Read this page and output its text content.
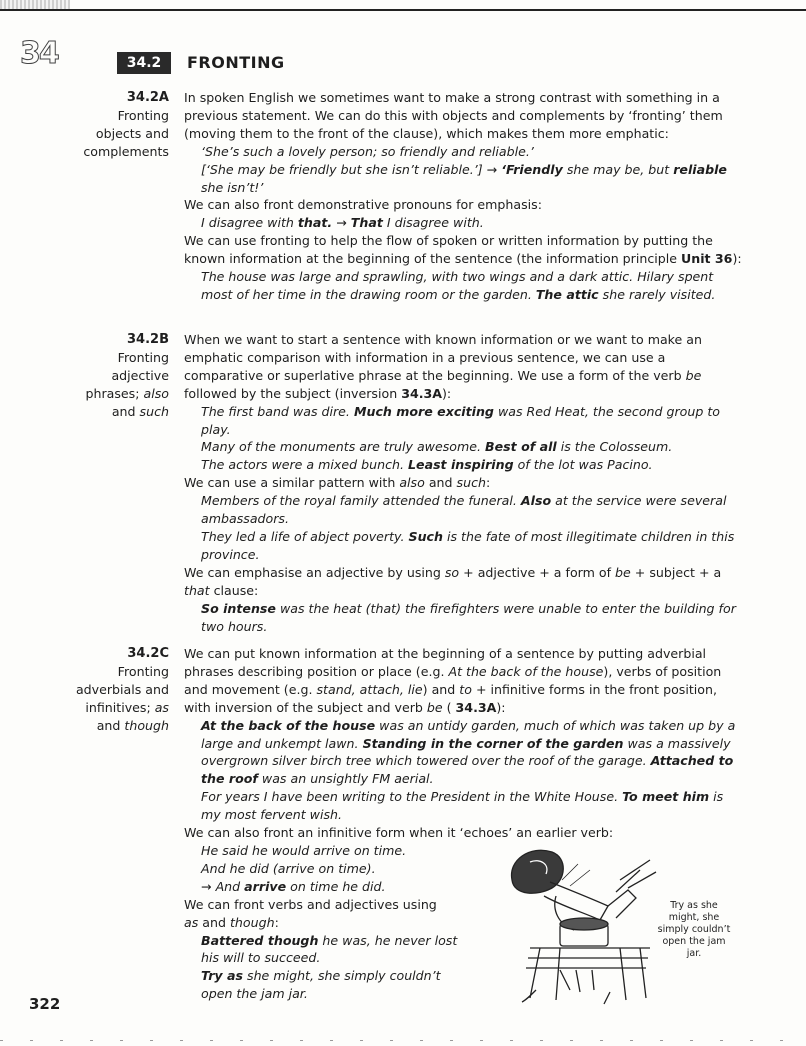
34	34.2	FRONTING
34.2A
Fronting
objects and
complements
34.2B
Fronting
adjective
phrases; also
and such
34.2C
Fronting
adverbials and
infinitives; as
and though

In spoken English we sometimes want to make a strong contrast with something in a previous statement. We can do this with objects and complements by ‘fronting’ them (moving them to the front of the clause), which makes them more emphatic:

‘She’s such a lovely person; so friendly and reliable.’

[‘She may be friendly but she isn’t reliable.’] → ‘Friendly she may be, but reliable she isn’t!’

We can also front demonstrative pronouns for emphasis:

I disagree with that. → That I disagree with.

We can use fronting to help the flow of spoken or written information by putting the known information at the beginning of the sentence (the information principle Unit 36):

The house was large and sprawling, with two wings and a dark attic. Hilary spent most of her time in the drawing room or the garden. The attic she rarely visited.

When we want to start a sentence with known information or we want to make an emphatic comparison with information in a previous sentence, we can use a comparative or superlative phrase at the beginning. We use a form of the verb be followed by the subject (inversion 34.3A):

The first band was dire. Much more exciting was Red Heat, the second group to play.

Many of the monuments are truly awesome. Best of all is the Colosseum.

The actors were a mixed bunch. Least inspiring of the lot was Pacino.

We can use a similar pattern with also and such:

Members of the royal family attended the funeral. Also at the service were several ambassadors.

They led a life of abject poverty. Such is the fate of most illegitimate children in this province.

We can emphasise an adjective by using so + adjective + a form of be + subject + a that clause:

So intense was the heat (that) the firefighters were unable to enter the building for two hours.

We can put known information at the beginning of a sentence by putting adverbial phrases describing position or place (e.g. At the back of the house), verbs of position and movement (e.g. stand, attach, lie) and to + infinitive forms in the front position, with inversion of the subject and verb be ( 34.3A):

At the back of the house was an untidy garden, much of which was taken up by a large and unkempt lawn. Standing in the corner of the garden was a massively overgrown silver birch tree which towered over the roof of the garage. Attached to the roof was an unsightly FM aerial.

For years I have been writing to the President in the White House. To meet him is my most fervent wish.

We can also front an infinitive form when it ‘echoes’ an earlier verb:

He said he would arrive on time.

And he did (arrive on time).

→ And arrive on time he did.

We can front verbs and adjectives using

as and though:

Battered though he was, he never lost

his will to succeed.

Try as she might, she simply couldn’t

open the jam jar.

Try as she might, she simply couldn’t open the jam jar.
322
